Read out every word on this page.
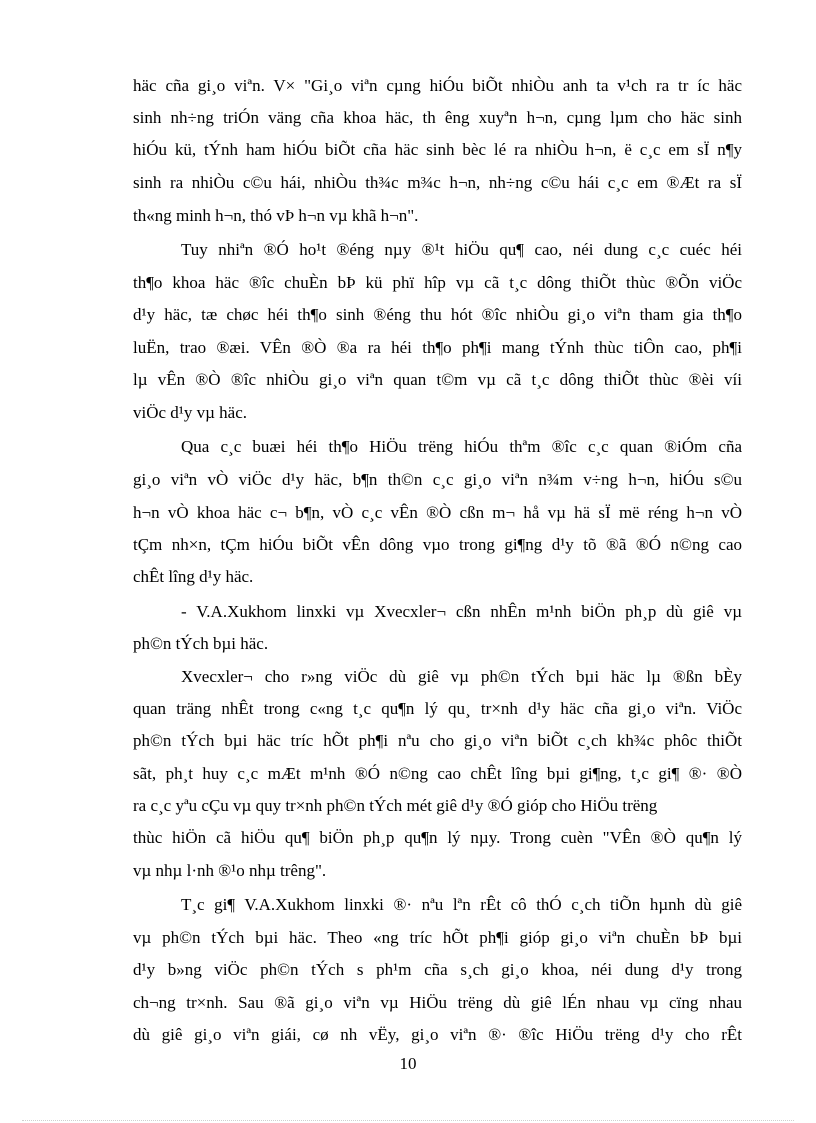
häc cña gi¸o viªn. V× "Gi¸o viªn cµng hiÓu biÕt nhiÒu anh ta v¹ch ra tr íc häc
sinh nh÷ng triÓn väng cña khoa häc, th êng xuyªn h¬n, cµng lµm cho häc sinh
hiÓu kü, tÝnh ham hiÓu biÕt cña häc sinh bèc lé ra nhiÒu h¬n, ë c¸c em sÏ n¶y
sinh ra nhiÒu c©u hái, nhiÒu th¾c m¾c h¬n, nh÷ng c©u hái c¸c em ®Æt ra sÏ
th«ng minh h¬n, thó vÞ h¬n vµ khã h¬n".
Tuy nhiªn ®Ó ho¹t ®éng nµy ®¹t hiÖu qu¶ cao, néi dung c¸c cuéc héi
th¶o khoa häc ®îc chuÈn bÞ kü phï hîp vµ cã t¸c dông thiÕt thùc ®Õn viÖc
d¹y häc, tæ chøc héi th¶o sinh ®éng thu hót ®îc nhiÒu gi¸o viªn tham gia th¶o
luËn, trao ®æi. VÊn ®Ò ®a ra héi th¶o ph¶i mang tÝnh thùc tiÔn cao, ph¶i
lµ vÊn ®Ò ®îc nhiÒu gi¸o viªn quan t©m vµ cã t¸c dông thiÕt thùc ®èi víi
viÖc d¹y vµ häc.
Qua c¸c buæi héi th¶o HiÖu trëng hiÓu thªm ®îc c¸c quan ®iÓm cña
gi¸o viªn vÒ viÖc d¹y häc, b¶n th©n c¸c gi¸o viªn n¾m v÷ng h¬n, hiÓu s©u
h¬n vÒ khoa häc c¬ b¶n, vÒ c¸c vÊn ®Ò cßn m¬ hå vµ hä sÏ më réng h¬n vÒ
tÇm nh×n, tÇm hiÓu biÕt vÊn dông vµo trong gi¶ng d¹y tõ ®ã ®Ó n©ng cao
chÊt lîng d¹y häc.
- V.A.Xukhom linxki vµ Xvecxler¬ cßn nhÊn m¹nh biÖn ph¸p dù giê vµ
ph©n tÝch bµi häc.
Xvecxler¬ cho r»ng viÖc dù giê vµ ph©n tÝch bµi häc lµ ®ßn bÈy
quan träng nhÊt trong c«ng t¸c qu¶n lý qu¸ tr×nh d¹y häc cña gi¸o viªn. ViÖc
ph©n tÝch bµi häc tríc hÕt ph¶i nªu cho gi¸o viªn biÕt c¸ch kh¾c phôc thiÕt
sãt, ph¸t huy c¸c mÆt m¹nh ®Ó n©ng cao chÊt lîng bµi gi¶ng, t¸c gi¶ ®· ®Ò
ra c¸c yªu cÇu vµ quy tr×nh ph©n tÝch mét giê d¹y ®Ó gióp cho HiÖu trëng
thùc hiÖn cã hiÖu qu¶ biÖn ph¸p qu¶n lý nµy. Trong cuèn "VÊn ®Ò qu¶n lý
vµ nhµ l·nh ®¹o nhµ trêng".
T¸c gi¶ V.A.Xukhom linxki ®· nªu lªn rÊt cô thÓ c¸ch tiÕn hµnh dù giê
vµ ph©n tÝch bµi häc. Theo «ng tríc hÕt ph¶i gióp gi¸o viªn chuÈn bÞ bµi
d¹y b»ng viÖc ph©n tÝch s ph¹m cña s¸ch gi¸o khoa, néi dung d¹y trong
ch¬ng tr×nh. Sau ®ã gi¸o viªn vµ HiÖu trëng dù giê lÉn nhau vµ cïng nhau
dù giê gi¸o viªn giái, cø nh vËy, gi¸o viªn ®· ®îc HiÖu trëng d¹y cho rÊt
10
